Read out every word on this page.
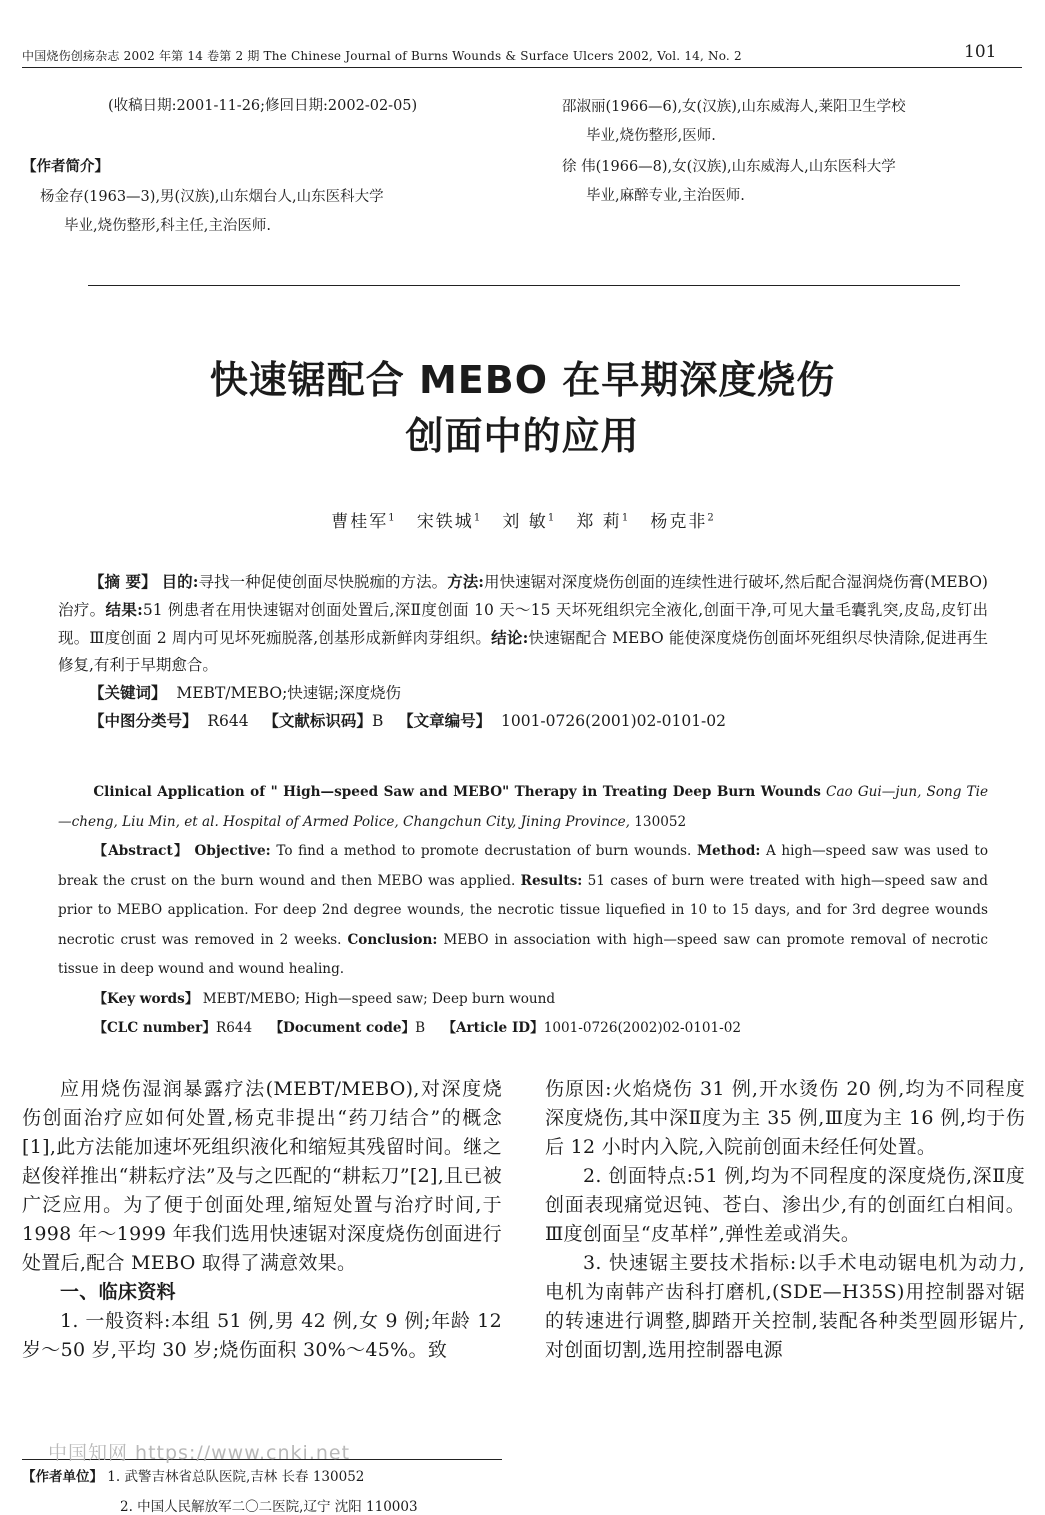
中国烧伤创疡杂志 2002 年第 14 卷第 2 期 The Chinese Journal of Burns Wounds & Surface Ulcers 2002, Vol. 14, No. 2	101
(收稿日期:2001-11-26;修回日期:2002-02-05)
【作者简介】
杨金存(1963—3),男(汉族),山东烟台人,山东医科大学
毕业,烧伤整形,科主任,主治医师.
邵淑丽(1966—6),女(汉族),山东威海人,莱阳卫生学校
毕业,烧伤整形,医师.
徐 伟(1966—8),女(汉族),山东威海人,山东医科大学
毕业,麻醉专业,主治医师.
快速锯配合 MEBO 在早期深度烧伤
创面中的应用
曹桂军$^1$ 宋铁城$^1$ 刘 敏$^1$ 郑 莉$^1$ 杨克非$^2$
【摘 要】 目的:寻找一种促使创面尽快脱痂的方法。方法:用快速锯对深度烧伤创面的连续性进行破坏,然后配合湿润烧伤膏(MEBO)治疗。结果:51 例患者在用快速锯对创面处置后,深Ⅱ度创面 10 天～15 天坏死组织完全液化,创面干净,可见大量毛囊乳突,皮岛,皮钉出现。Ⅲ度创面 2 周内可见坏死痂脱落,创基形成新鲜肉芽组织。结论:快速锯配合 MEBO 能使深度烧伤创面坏死组织尽快清除,促进再生修复,有利于早期愈合。
【关键词】 MEBT/MEBO;快速锯;深度烧伤
【中图分类号】 R644 【文献标识码】B 【文章编号】 1001-0726(2001)02-0101-02
Clinical Application of " High—speed Saw and MEBO" Therapy in Treating Deep Burn Wounds Cao Gui—jun, Song Tie—cheng, Liu Min, et al. Hospital of Armed Police, Changchun City, Jining Province, 130052
【Abstract】 Objective: To find a method to promote decrustation of burn wounds. Method: A high—speed saw was used to break the crust on the burn wound and then MEBO was applied. Results: 51 cases of burn were treated with high—speed saw and prior to MEBO application. For deep 2nd degree wounds, the necrotic tissue liquefied in 10 to 15 days, and for 3rd degree wounds necrotic crust was removed in 2 weeks. Conclusion: MEBO in association with high—speed saw can promote removal of necrotic tissue in deep wound and wound healing.
【Key words】 MEBT/MEBO; High—speed saw; Deep burn wound
【CLC number】R644 【Document code】B 【Article ID】1001-0726(2002)02-0101-02
应用烧伤湿润暴露疗法(MEBT/MEBO),对深度烧伤创面治疗应如何处置,杨克非提出“药刀结合”的概念[1],此方法能加速坏死组织液化和缩短其残留时间。继之赵俊祥推出“耕耘疗法”及与之匹配的“耕耘刀”[2],且已被广泛应用。为了便于创面处理,缩短处置与治疗时间,于 1998 年～1999 年我们选用快速锯对深度烧伤创面进行处置后,配合 MEBO 取得了满意效果。
一、临床资料
1. 一般资料:本组 51 例,男 42 例,女 9 例;年龄 12 岁～50 岁,平均 30 岁;烧伤面积 30%～45%。致
伤原因:火焰烧伤 31 例,开水烫伤 20 例,均为不同程度深度烧伤,其中深Ⅱ度为主 35 例,Ⅲ度为主 16 例,均于伤后 12 小时内入院,入院前创面未经任何处置。
2. 创面特点:51 例,均为不同程度的深度烧伤,深Ⅱ度创面表现痛觉迟钝、苍白、渗出少,有的创面红白相间。Ⅲ度创面呈“皮革样”,弹性差或消失。
3. 快速锯主要技术指标:以手术电动锯电机为动力,电机为南韩产齿科打磨机,(SDE—H35S)用控制器对锯的转速进行调整,脚踏开关控制,装配各种类型圆形锯片,对创面切割,选用控制器电源
【作者单位】 1. 武警吉林省总队医院,吉林 长春 130052
2. 中国人民解放军二〇二医院,辽宁 沈阳 110003
中国知网 https://www.cnki.net
